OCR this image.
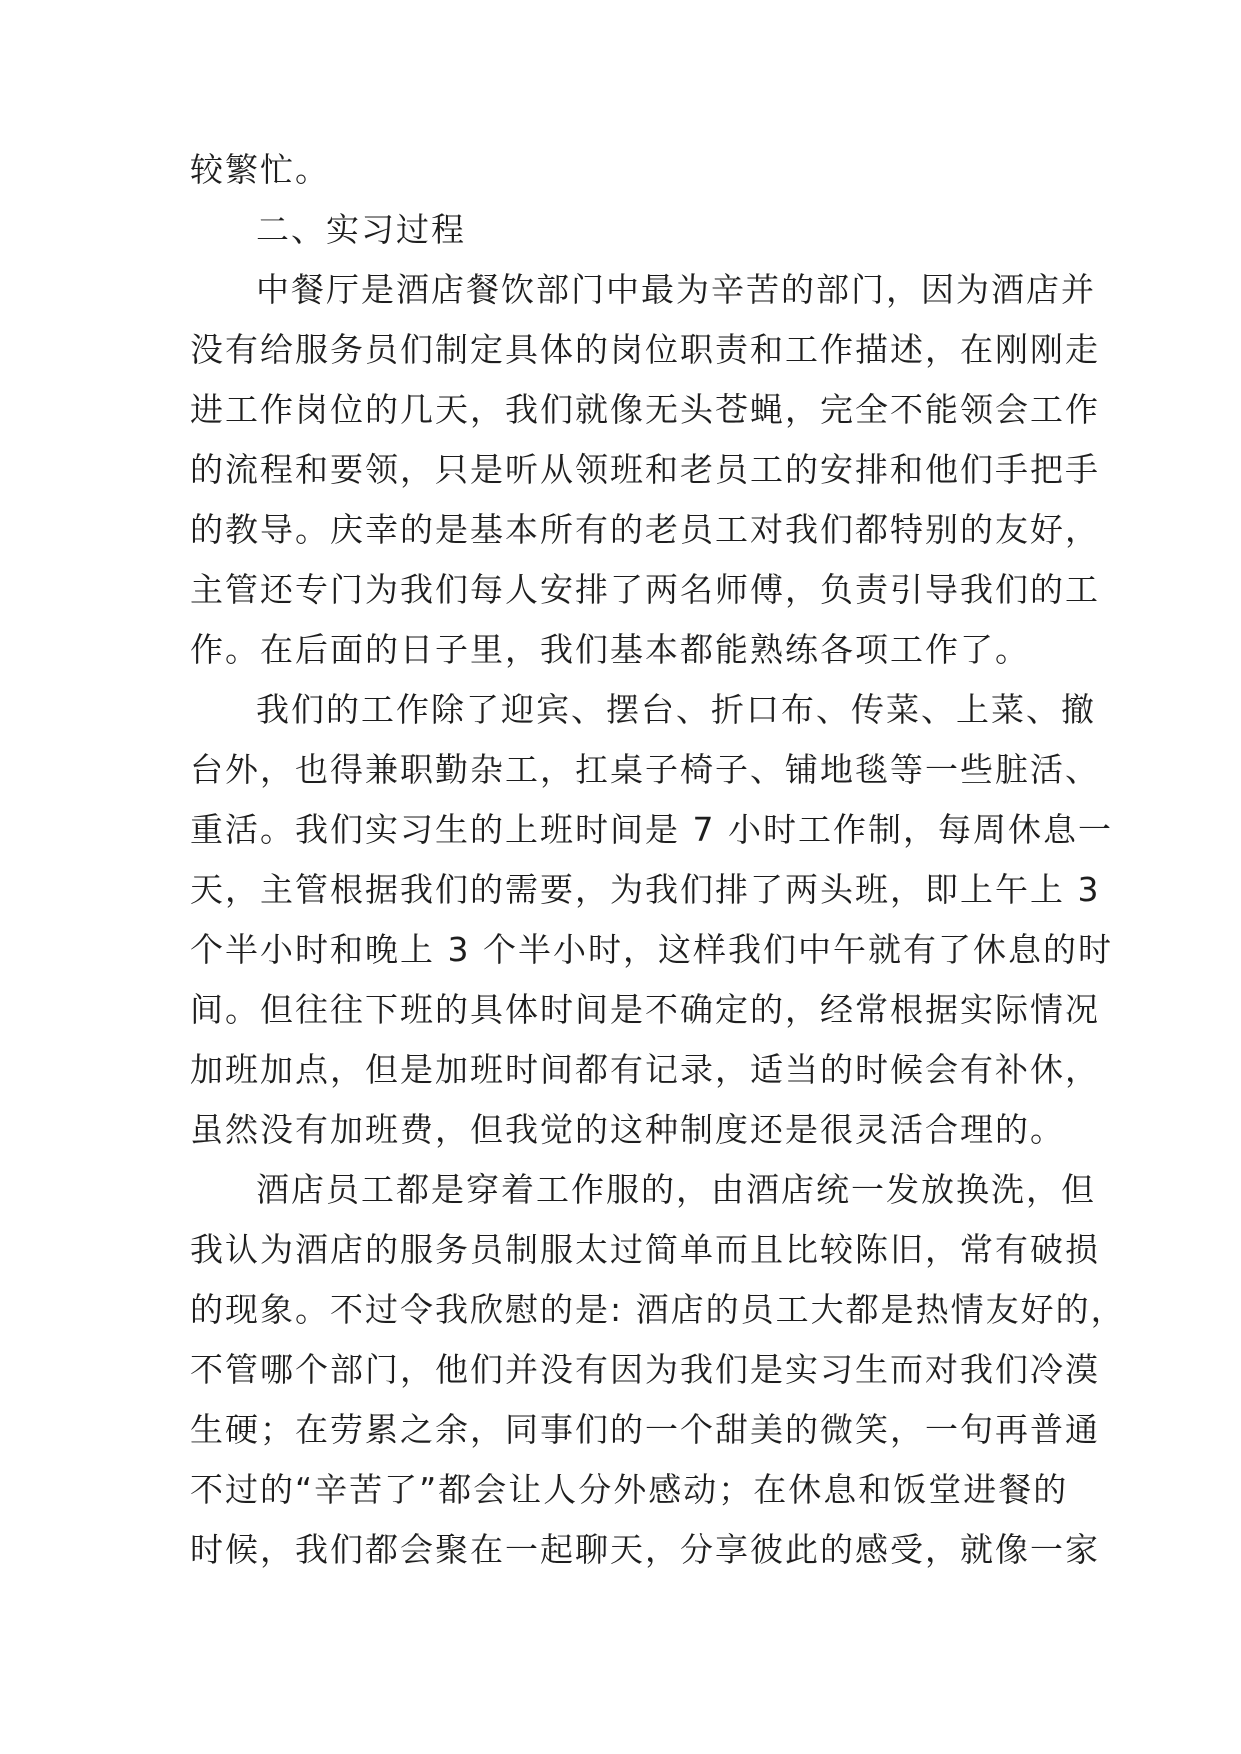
较繁忙。
二、实习过程
中餐厅是酒店餐饮部门中最为辛苦的部门，因为酒店并
没有给服务员们制定具体的岗位职责和工作描述，在刚刚走
进工作岗位的几天，我们就像无头苍蝇，完全不能领会工作
的流程和要领，只是听从领班和老员工的安排和他们手把手
的教导。庆幸的是基本所有的老员工对我们都特别的友好，
主管还专门为我们每人安排了两名师傅，负责引导我们的工
作。在后面的日子里，我们基本都能熟练各项工作了。
我们的工作除了迎宾、摆台、折口布、传菜、上菜、撤
台外，也得兼职勤杂工，扛桌子椅子、铺地毯等一些脏活、
重活。我们实习生的上班时间是 7 小时工作制，每周休息一
天，主管根据我们的需要，为我们排了两头班，即上午上 3
个半小时和晚上 3 个半小时，这样我们中午就有了休息的时
间。但往往下班的具体时间是不确定的，经常根据实际情况
加班加点，但是加班时间都有记录，适当的时候会有补休，
虽然没有加班费，但我觉的这种制度还是很灵活合理的。
酒店员工都是穿着工作服的，由酒店统一发放换洗，但
我认为酒店的服务员制服太过简单而且比较陈旧，常有破损
的现象。不过令我欣慰的是: 酒店的员工大都是热情友好的，
不管哪个部门，他们并没有因为我们是实习生而对我们冷漠
生硬；在劳累之余，同事们的一个甜美的微笑，一句再普通
不过的“辛苦了”都会让人分外感动；在休息和饭堂进餐的
时候，我们都会聚在一起聊天，分享彼此的感受，就像一家
